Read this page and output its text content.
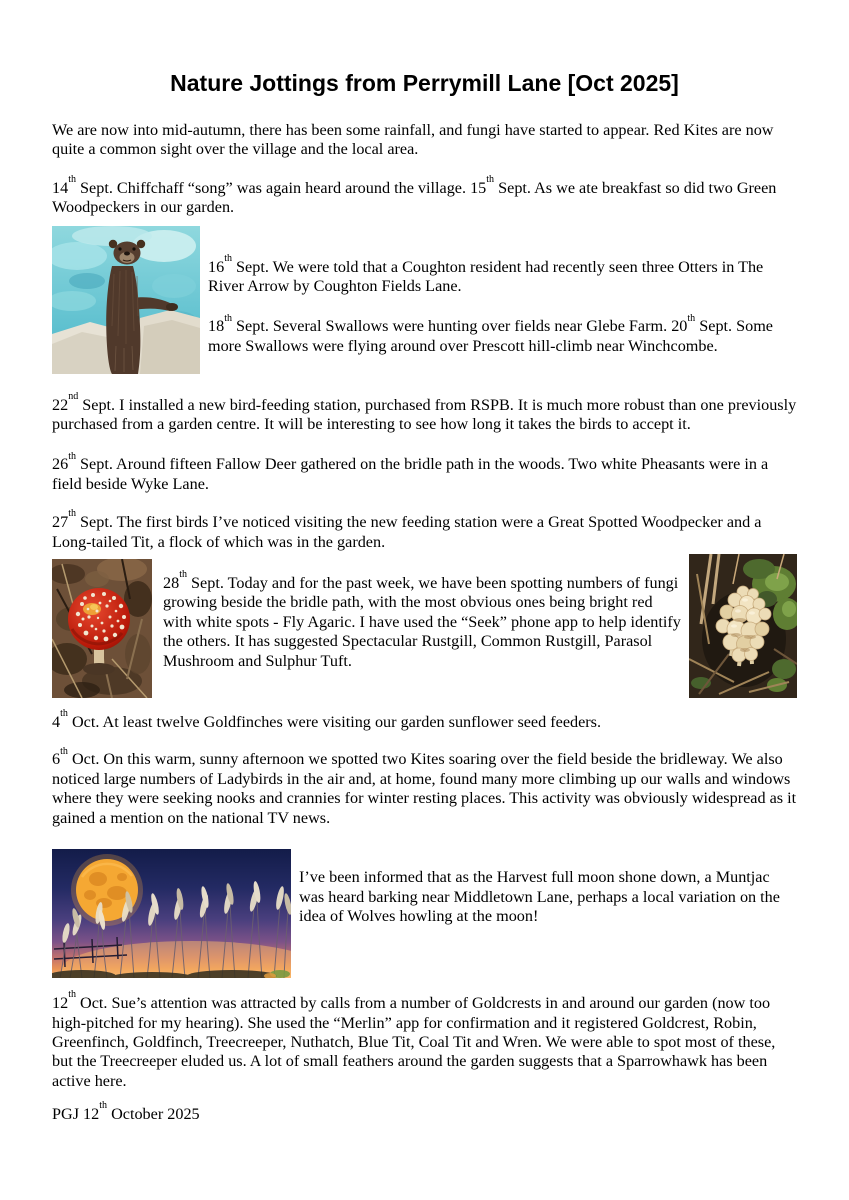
Nature Jottings from Perrymill Lane [Oct 2025]

We are now into mid-autumn, there has been some rainfall, and fungi have started to appear. Red Kites are now quite a common sight over the village and the local area.

14th Sept. Chiffchaff “song” was again heard around the village. 15th Sept. As we ate breakfast so did two Green Woodpeckers in our garden.

16th Sept. We were told that a Coughton resident had recently seen three Otters in The River Arrow by Coughton Fields Lane.

18th Sept. Several Swallows were hunting over fields near Glebe Farm. 20th Sept. Some more Swallows were flying around over Prescott hill-climb near Winchcombe.

22nd Sept. I installed a new bird-feeding station, purchased from RSPB. It is much more robust than one previously purchased from a garden centre. It will be interesting to see how long it takes the birds to accept it.

26th Sept. Around fifteen Fallow Deer gathered on the bridle path in the woods. Two white Pheasants were in a field beside Wyke Lane.

27th Sept. The first birds I’ve noticed visiting the new feeding station were a Great Spotted Woodpecker and a Long-tailed Tit, a flock of which was in the garden.

28th Sept. Today and for the past week, we have been spotting numbers of fungi growing beside the bridle path, with the most obvious ones being bright red with white spots - Fly Agaric. I have used the “Seek” phone app to help identify the others. It has suggested Spectacular Rustgill, Common Rustgill, Parasol Mushroom and Sulphur Tuft.

4th Oct. At least twelve Goldfinches were visiting our garden sunflower seed feeders.

6th Oct. On this warm, sunny afternoon we spotted two Kites soaring over the field beside the bridleway. We also noticed large numbers of Ladybirds in the air and, at home, found many more climbing up our walls and windows where they were seeking nooks and crannies for winter resting places. This activity was obviously widespread as it gained a mention on the national TV news.

I’ve been informed that as the Harvest full moon shone down, a Muntjac was heard barking near Middletown Lane, perhaps a local variation on the idea of Wolves howling at the moon!

12th Oct. Sue’s attention was attracted by calls from a number of Goldcrests in and around our garden (now too high-pitched for my hearing). She used the “Merlin” app for confirmation and it registered Goldcrest, Robin, Greenfinch, Goldfinch, Treecreeper, Nuthatch, Blue Tit, Coal Tit and Wren. We were able to spot most of these, but the Treecreeper eluded us. A lot of small feathers around the garden suggests that a Sparrowhawk has been active here.

PGJ 12th October 2025
